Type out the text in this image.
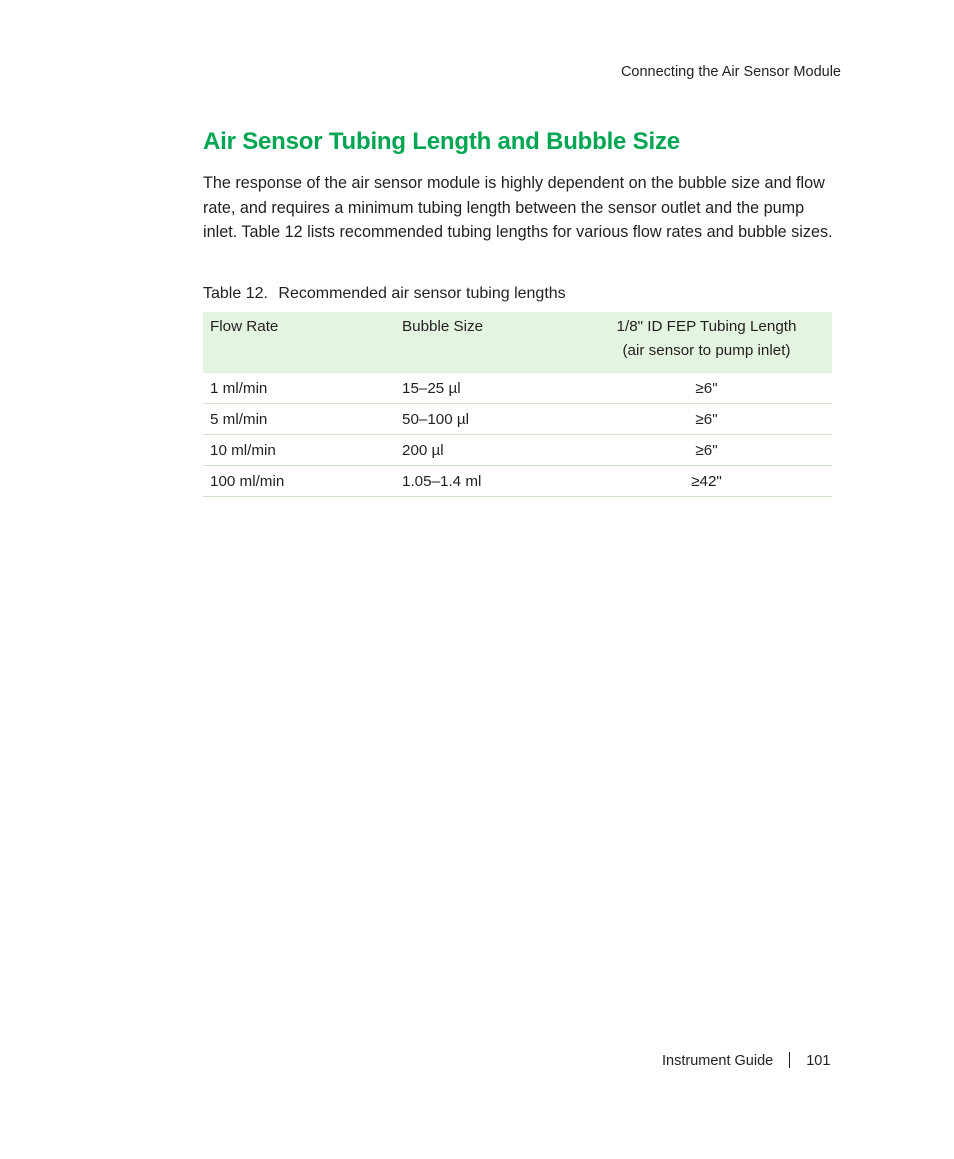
Connecting the Air Sensor Module
Air Sensor Tubing Length and Bubble Size

The response of the air sensor module is highly dependent on the bubble size and flow rate, and requires a minimum tubing length between the sensor outlet and the pump inlet. Table 12 lists recommended tubing lengths for various flow rates and bubble sizes.

Table 12. Recommended air sensor tubing lengths
Flow Rate	Bubble Size	1/8" ID FEP Tubing Length
(air sensor to pump inlet)

1 ml/min	15–25 µl	≥6"
5 ml/min	50–100 µl	≥6"
10 ml/min	200 µl	≥6"
100 ml/min	1.05–1.4 ml	≥42"
Instrument Guide 101
